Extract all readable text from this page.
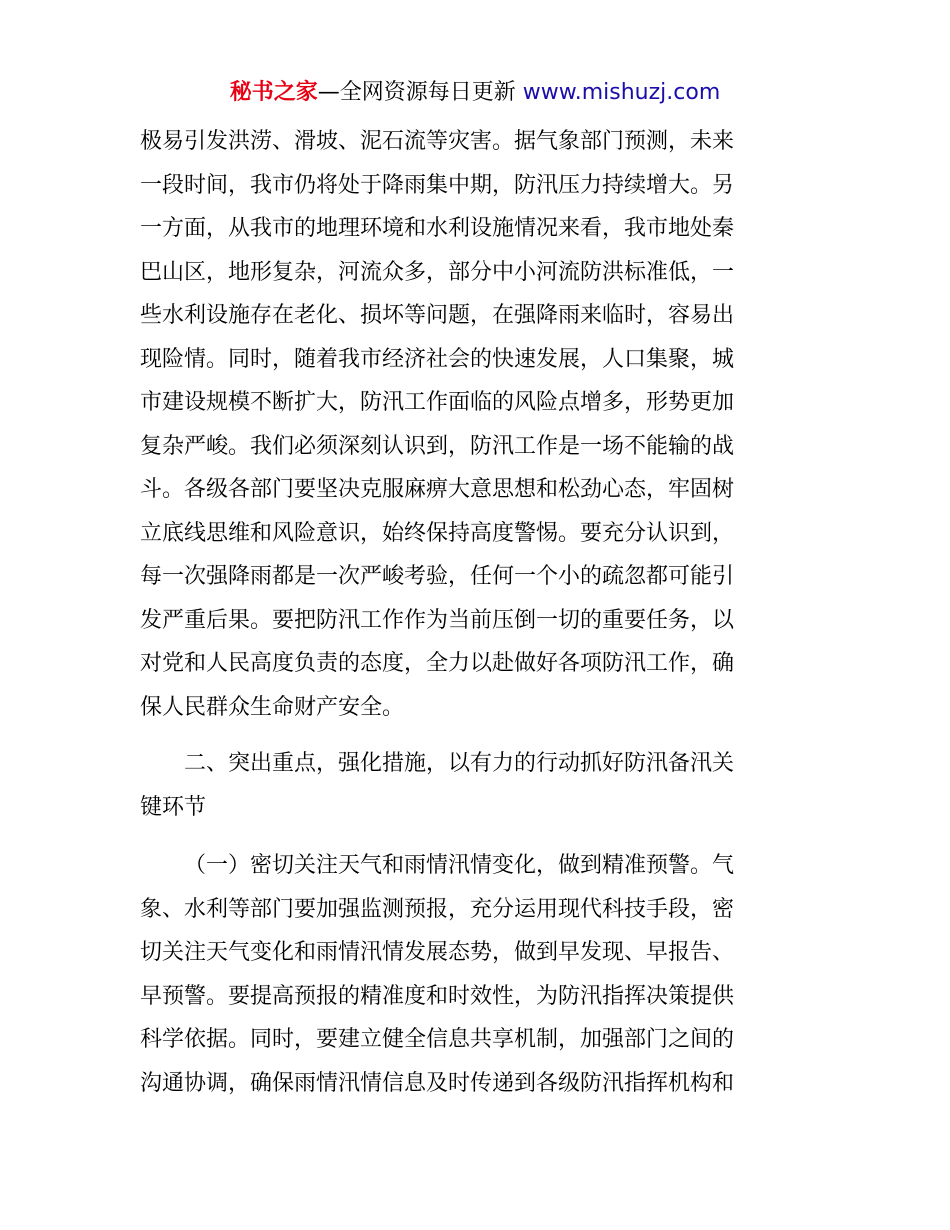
秘书之家—全网资源每日更新 www.mishuzj.com
极易引发洪涝、滑坡、泥石流等灾害。据气象部门预测，未来
一段时间，我市仍将处于降雨集中期，防汛压力持续增大。另
一方面，从我市的地理环境和水利设施情况来看，我市地处秦
巴山区，地形复杂，河流众多，部分中小河流防洪标准低，一
些水利设施存在老化、损坏等问题，在强降雨来临时，容易出
现险情。同时，随着我市经济社会的快速发展，人口集聚，城
市建设规模不断扩大，防汛工作面临的风险点增多，形势更加
复杂严峻。我们必须深刻认识到，防汛工作是一场不能输的战
斗。各级各部门要坚决克服麻痹大意思想和松劲心态，牢固树
立底线思维和风险意识，始终保持高度警惕。要充分认识到，
每一次强降雨都是一次严峻考验，任何一个小的疏忽都可能引
发严重后果。要把防汛工作作为当前压倒一切的重要任务，以
对党和人民高度负责的态度，全力以赴做好各项防汛工作，确
保人民群众生命财产安全。
二、突出重点，强化措施，以有力的行动抓好防汛备汛关
键环节
（一）密切关注天气和雨情汛情变化，做到精准预警。气
象、水利等部门要加强监测预报，充分运用现代科技手段，密
切关注天气变化和雨情汛情发展态势，做到早发现、早报告、
早预警。要提高预报的精准度和时效性，为防汛指挥决策提供
科学依据。同时，要建立健全信息共享机制，加强部门之间的
沟通协调，确保雨情汛情信息及时传递到各级防汛指挥机构和
